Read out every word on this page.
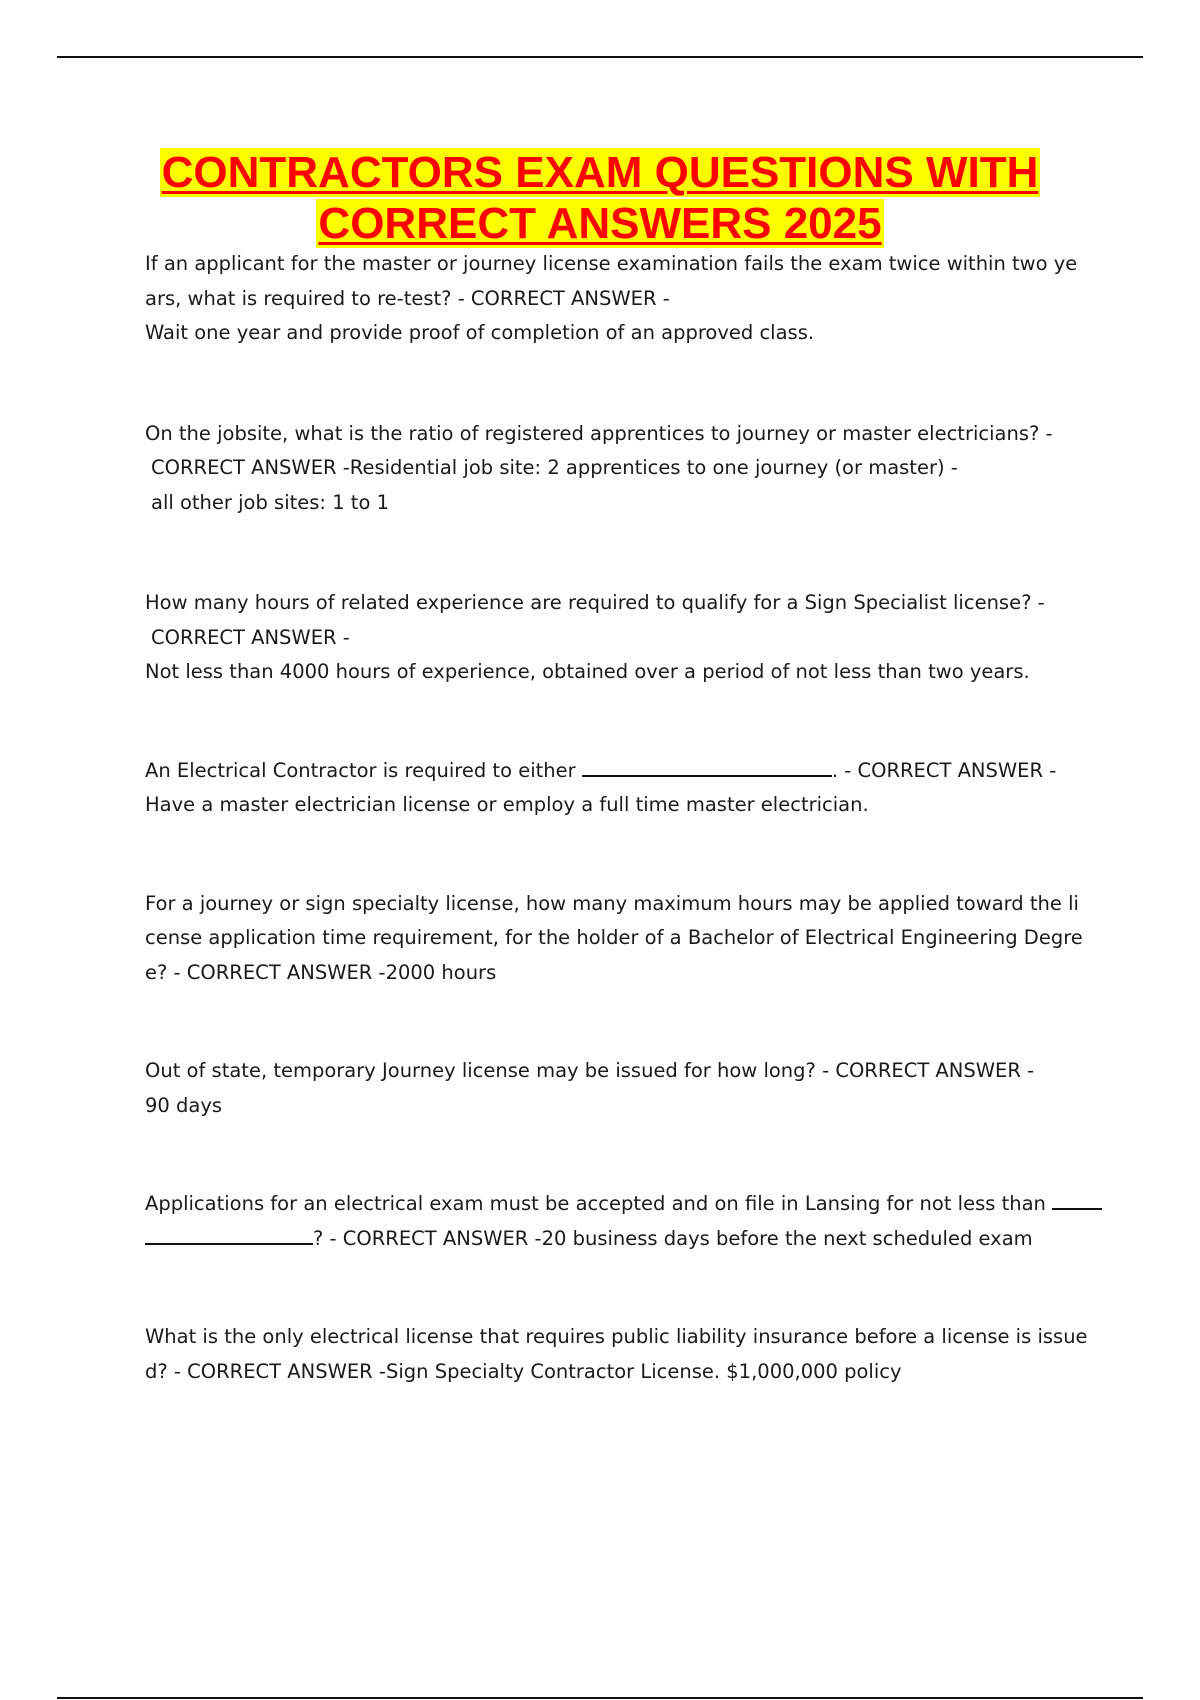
CONTRACTORS EXAM QUESTIONS WITH
CORRECT ANSWERS 2025
If an applicant for the master or journey license examination fails the exam twice within two ye
ars, what is required to re-test? - CORRECT ANSWER -
Wait one year and provide proof of completion of an approved class.
On the jobsite, what is the ratio of registered apprentices to journey or master electricians? -
CORRECT ANSWER -Residential job site: 2 apprentices to one journey (or master) -
all other job sites: 1 to 1
How many hours of related experience are required to qualify for a Sign Specialist license? -
CORRECT ANSWER -
Not less than 4000 hours of experience, obtained over a period of not less than two years.
An Electrical Contractor is required to either	. - CORRECT ANSWER -
Have a master electrician license or employ a full time master electrician.
For a journey or sign specialty license, how many maximum hours may be applied toward the li
cense application time requirement, for the holder of a Bachelor of Electrical Engineering Degre
e? - CORRECT ANSWER -2000 hours
Out of state, temporary Journey license may be issued for how long? - CORRECT ANSWER -
90 days
Applications for an electrical exam must be accepted and on file in Lansing for not less than
? - CORRECT ANSWER -20 business days before the next scheduled exam
What is the only electrical license that requires public liability insurance before a license is issue
d? - CORRECT ANSWER -Sign Specialty Contractor License. $1,000,000 policy
